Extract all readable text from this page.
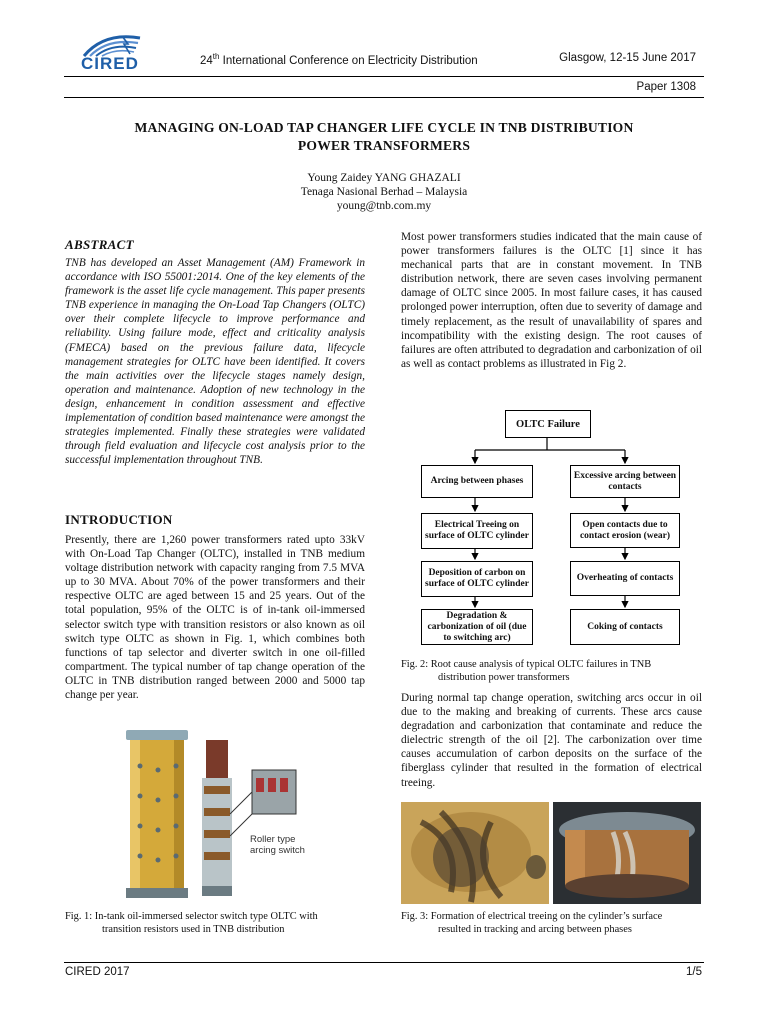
CIRED	24th International Conference on Electricity Distribution	Glasgow, 12-15 June 2017
Paper 1308
MANAGING ON-LOAD TAP CHANGER LIFE CYCLE IN TNB DISTRIBUTION
POWER TRANSFORMERS
Young Zaidey YANG GHAZALI
Tenaga Nasional Berhad – Malaysia
young@tnb.com.my
ABSTRACT

TNB has developed an Asset Management (AM) Framework in accordance with ISO 55001:2014. One of the key elements of the framework is the asset life cycle management. This paper presents TNB experience in managing the On-Load Tap Changers (OLTC) over their complete lifecycle to improve performance and reliability. Using failure mode, effect and criticality analysis (FMECA) based on the previous failure data, lifecycle management strategies for OLTC have been identified. It covers the main activities over the lifecycle stages namely design, operation and maintenance. Adoption of new technology in the design, enhancement in condition assessment and effective implementation of condition based maintenance were amongst the strategies implemented. Finally these strategies were validated through field evaluation and lifecycle cost analysis prior to the successful implementation throughout TNB.

INTRODUCTION

Presently, there are 1,260 power transformers rated upto 33kV with On-Load Tap Changer (OLTC), installed in TNB medium voltage distribution network with capacity ranging from 7.5 MVA up to 30 MVA. About 70% of the power transformers and their respective OLTC are aged between 15 and 25 years. Out of the total population, 95% of the OLTC is of in-tank oil-immersed selector switch type with transition resistors or also known as oil switch type OLTC as shown in Fig. 1, which combines both functions of tap selector and diverter switch in one oil-filled compartment. The typical number of tap change operation of the OLTC in TNB distribution ranged between 2000 and 5000 tap change per year.

Roller type arcing switch
Fig. 1: In-tank oil-immersed selector switch type OLTC with
transition resistors used in TNB distribution

Most power transformers studies indicated that the main cause of power transformers failures is the OLTC [1] since it has mechanical parts that are in constant movement. In TNB distribution network, there are seven cases involving permanent damage of OLTC since 2005. In most failure cases, it has caused prolonged power interruption, often due to severity of damage and timely replacement, as the result of unavailability of spares and incompatibility with the existing design. The root causes of failures are often attributed to degradation and carbonization of oil as well as contact problems as illustrated in Fig 2.

OLTC Failure
Arcing between phases
Electrical Treeing on surface of OLTC cylinder
Deposition of carbon on surface of OLTC cylinder
Degradation & carbonization of oil (due to switching arc)
Excessive arcing between contacts
Open contacts due to contact erosion (wear)
Overheating of contacts
Coking of contacts
Fig. 2: Root cause analysis of typical OLTC failures in TNB
distribution power transformers

During normal tap change operation, switching arcs occur in oil due to the making and breaking of currents. These arcs cause degradation and carbonization that contaminate and reduce the dielectric strength of the oil [2]. The carbonization over time causes accumulation of carbon deposits on the surface of the fiberglass cylinder that resulted in the formation of electrical treeing.

Fig. 3: Formation of electrical treeing on the cylinder’s surface
resulted in tracking and arcing between phases
CIRED 2017	1/5
